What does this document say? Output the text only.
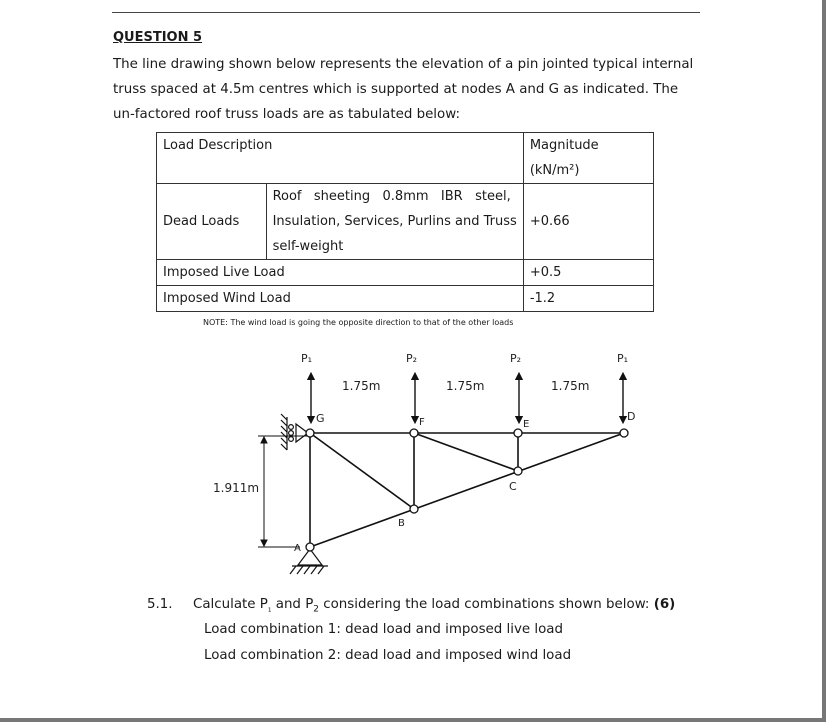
QUESTION 5

The line drawing shown below represents the elevation of a pin jointed typical internal

truss spaced at 4.5m centres which is supported at nodes A and G as indicated. The

un-factored roof truss loads are as tabulated below:

Load Description		Magnitude
(kN/m²)

Dead Loads	Roof   sheeting   0.8mm   IBR   steel,
Insulation, Services, Purlins and Truss
self-weight	+0.66
Imposed Live Load		+0.5
Imposed Wind Load		-1.2
NOTE: The wind load is going the opposite direction to that of the other loads
P₁	P₂	P₂	P₁
1.75m	1.75m	1.75m
1.911m
G	F	E
D
C
B
A
5.1. Calculate $P_{_1}$ and $P_2$ considering the load combinations shown below: (6)
Load combination 1: dead load and imposed live load
Load combination 2: dead load and imposed wind load
